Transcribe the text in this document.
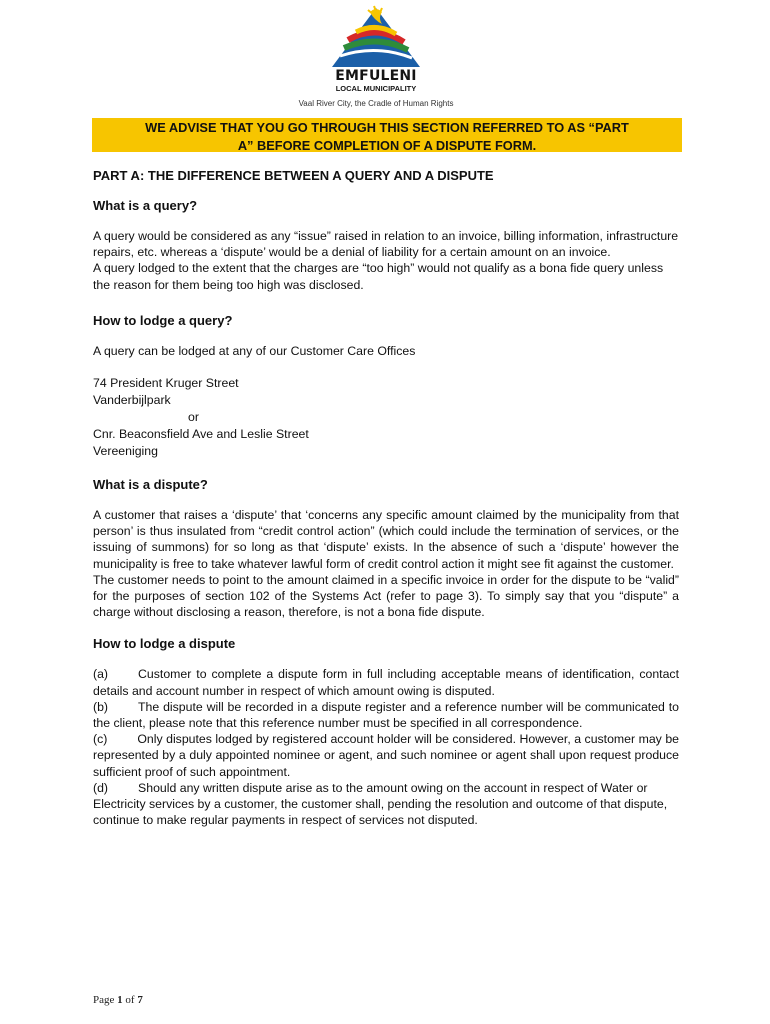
EMFULENI
LOCAL MUNICIPALITY
Vaal River City, the Cradle of Human Rights

WE ADVISE THAT YOU GO THROUGH THIS SECTION REFERRED TO AS “PART

A” BEFORE COMPLETION OF A DISPUTE FORM.

PART A: THE DIFFERENCE BETWEEN A QUERY AND A DISPUTE

What is a query?

A query would be considered as any “issue” raised in relation to an invoice, billing information, infrastructure repairs, etc. whereas a ‘dispute’ would be a denial of liability for a certain amount on an invoice.

A query lodged to the extent that the charges are “too high” would not qualify as a bona fide query unless the reason for them being too high was disclosed.

How to lodge a query?

A query can be lodged at any of our Customer Care Offices

74 President Kruger Street

Vanderbijlpark

or

Cnr. Beaconsfield Ave and Leslie Street

Vereeniging

What is a dispute?

A customer that raises a ‘dispute’ that ‘concerns any specific amount claimed by the municipality from that person’ is thus insulated from “credit control action” (which could include the termination of services, or the issuing of summons) for so long as that ‘dispute’ exists. In the absence of such a ‘dispute’ however the municipality is free to take whatever lawful form of credit control action it might see fit against the customer.

The customer needs to point to the amount claimed in a specific invoice in order for the dispute to be “valid” for the purposes of section 102 of the Systems Act (refer to page 3). To simply say that you “dispute” a charge without disclosing a reason, therefore, is not a bona fide dispute.

How to lodge a dispute

(a) Customer to complete a dispute form in full including acceptable means of identification, contact details and account number in respect of which amount owing is disputed.

(b) The dispute will be recorded in a dispute register and a reference number will be communicated to the client, please note that this reference number must be specified in all correspondence.

(c) Only disputes lodged by registered account holder will be considered. However, a customer may be represented by a duly appointed nominee or agent, and such nominee or agent shall upon request produce sufficient proof of such appointment.

(d) Should any written dispute arise as to the amount owing on the account in respect of Water or Electricity services by a customer, the customer shall, pending the resolution and outcome of that dispute, continue to make regular payments in respect of services not disputed.

Page 1 of 7
